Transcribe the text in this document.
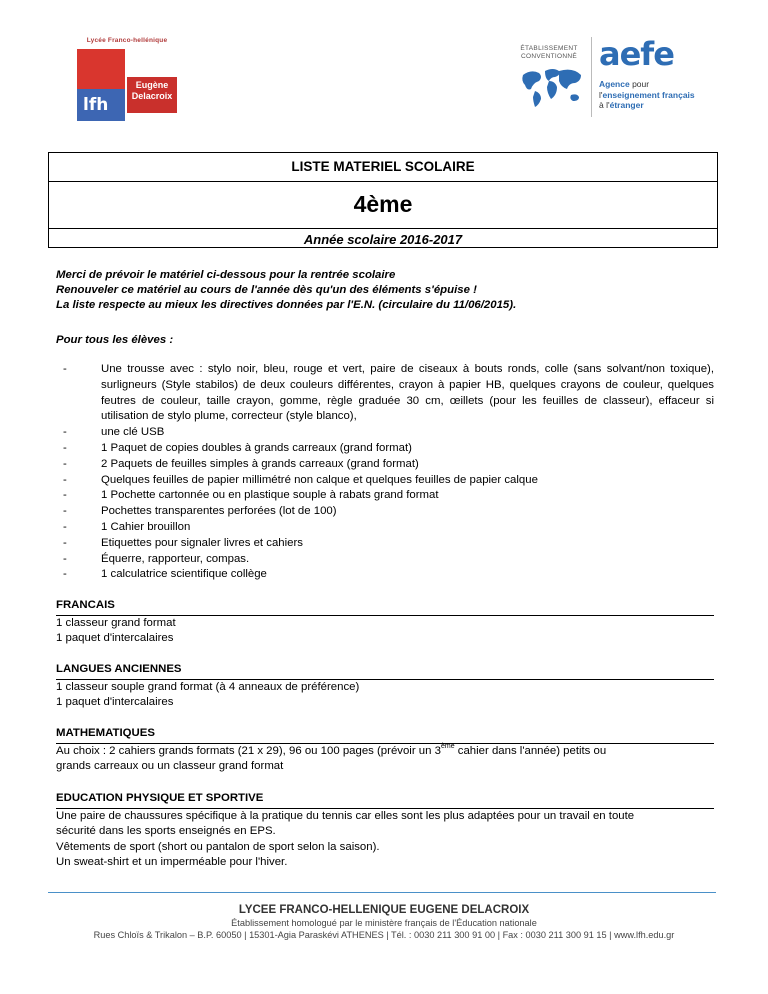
Lycée Franco-hellénique
lfh
Eugène
Delacroix
ÉTABLISSEMENT
CONVENTIONNÉ aefe
Agence pour
l'enseignement français
à l'étranger
LISTE MATERIEL SCOLAIRE
4ème
Année scolaire 2016-2017
Merci de prévoir le matériel ci-dessous pour la rentrée scolaire
Renouveler ce matériel au cours de l'année dès qu'un des éléments s'épuise !
La liste respecte au mieux les directives données par l'E.N. (circulaire du 11/06/2015).
Pour tous les élèves :
-	Une trousse avec : stylo noir, bleu, rouge et vert, paire de ciseaux à bouts ronds, colle (sans solvant/non toxique), surligneurs (Style stabilos) de deux couleurs différentes, crayon à papier HB, quelques crayons de couleur, quelques feutres de couleur, taille crayon, gomme, règle graduée 30 cm, œillets (pour les feuilles de classeur), effaceur si utilisation de stylo plume, correcteur (style blanco),
-	une clé USB
-	1 Paquet de copies doubles à grands carreaux (grand format)
-	2 Paquets de feuilles simples à grands carreaux (grand format)
-	Quelques feuilles de papier millimétré non calque et quelques feuilles de papier calque
-	1 Pochette cartonnée ou en plastique souple à rabats grand format
-	Pochettes transparentes perforées (lot de 100)
-	1 Cahier brouillon
-	Etiquettes pour signaler livres et cahiers
-	Équerre, rapporteur, compas.
-	1 calculatrice scientifique collège
FRANCAIS
1 classeur grand format
1 paquet d'intercalaires
LANGUES ANCIENNES
1 classeur souple grand format (à 4 anneaux de préférence)
1 paquet d'intercalaires
MATHEMATIQUES
Au choix : 2 cahiers grands formats (21 x 29), 96 ou 100 pages (prévoir un 3ème cahier dans l'année) petits ou
grands carreaux ou un classeur grand format
EDUCATION PHYSIQUE ET SPORTIVE
Une paire de chaussures spécifique à la pratique du tennis car elles sont les plus adaptées pour un travail en toute
sécurité dans les sports enseignés en EPS.
Vêtements de sport (short ou pantalon de sport selon la saison).
Un sweat-shirt et un imperméable pour l'hiver.
LYCEE FRANCO-HELLENIQUE EUGENE DELACROIX
Établissement homologué par le ministère français de l'Éducation nationale
Rues Chloïs & Trikalon – B.P. 60050 | 15301-Agia Paraskévi ATHENES | Tél. : 0030 211 300 91 00 | Fax : 0030 211 300 91 15 | www.lfh.edu.gr
